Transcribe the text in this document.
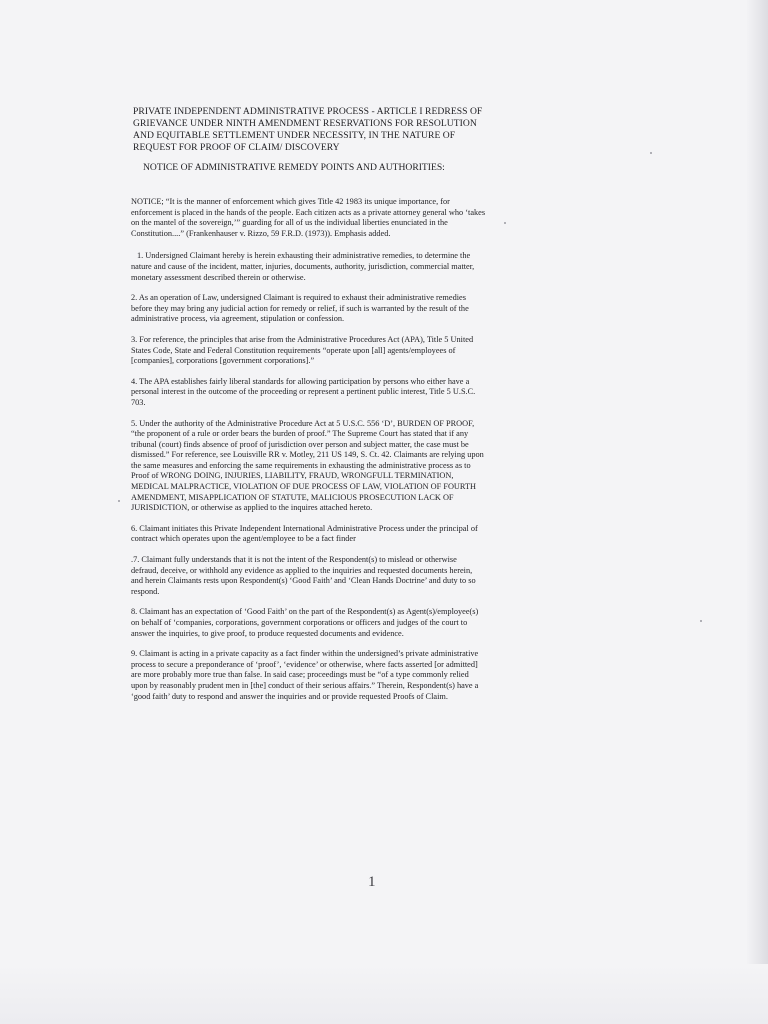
PRIVATE INDEPENDENT ADMINISTRATIVE PROCESS - ARTICLE I REDRESS OF GRIEVANCE UNDER NINTH AMENDMENT RESERVATIONS FOR RESOLUTION AND EQUITABLE SETTLEMENT UNDER NECESSITY, IN THE NATURE OF REQUEST FOR PROOF OF CLAIM/ DISCOVERY
NOTICE OF ADMINISTRATIVE REMEDY POINTS AND AUTHORITIES:

NOTICE; “It is the manner of enforcement which gives Title 42 1983 its unique importance, for enforcement is placed in the hands of the people. Each citizen acts as a private attorney general who ‘takes on the mantel of the sovereign,’” guarding for all of us the individual liberties enunciated in the Constitution....” (Frankenhauser v. Rizzo, 59 F.R.D. (1973)). Emphasis added.

1. Undersigned Claimant hereby is herein exhausting their administrative remedies, to determine the nature and cause of the incident, matter, injuries, documents, authority, jurisdiction, commercial matter, monetary assessment described therein or otherwise.

2. As an operation of Law, undersigned Claimant is required to exhaust their administrative remedies before they may bring any judicial action for remedy or relief, if such is warranted by the result of the administrative process, via agreement, stipulation or confession.

3. For reference, the principles that arise from the Administrative Procedures Act (APA), Title 5 United States Code, State and Federal Constitution requirements “operate upon [all] agents/employees of [companies], corporations [government corporations].”

4. The APA establishes fairly liberal standards for allowing participation by persons who either have a personal interest in the outcome of the proceeding or represent a pertinent public interest, Title 5 U.S.C. 703.

5. Under the authority of the Administrative Procedure Act at 5 U.S.C. 556 ‘D’, BURDEN OF PROOF, “the proponent of a rule or order bears the burden of proof.” The Supreme Court has stated that if any tribunal (court) finds absence of proof of jurisdiction over person and subject matter, the case must be dismissed.” For reference, see Louisville RR v. Motley, 211 US 149, S. Ct. 42. Claimants are relying upon the same measures and enforcing the same requirements in exhausting the administrative process as to Proof of WRONG DOING, INJURIES, LIABILITY, FRAUD, WRONGFULL TERMINATION, MEDICAL MALPRACTICE, VIOLATION OF DUE PROCESS OF LAW, VIOLATION OF FOURTH AMENDMENT, MISAPPLICATION OF STATUTE, MALICIOUS PROSECUTION LACK OF JURISDICTION, or otherwise as applied to the inquires attached hereto.

6. Claimant initiates this Private Independent International Administrative Process under the principal of contract which operates upon the agent/employee to be a fact finder

.7. Claimant fully understands that it is not the intent of the Respondent(s) to mislead or otherwise defraud, deceive, or withhold any evidence as applied to the inquiries and requested documents herein, and herein Claimants rests upon Respondent(s) ‘Good Faith’ and ‘Clean Hands Doctrine’ and duty to so respond.

8. Claimant has an expectation of ‘Good Faith’ on the part of the Respondent(s) as Agent(s)/employee(s) on behalf of ‘companies, corporations, government corporations or officers and judges of the court to answer the inquiries, to give proof, to produce requested documents and evidence.

9. Claimant is acting in a private capacity as a fact finder within the undersigned’s private administrative process to secure a preponderance of ‘proof’, ‘evidence’ or otherwise, where facts asserted [or admitted] are more probably more true than false. In said case; proceedings must be “of a type commonly relied upon by reasonably prudent men in [the] conduct of their serious affairs.” Therein, Respondent(s) have a ‘good faith’ duty to respond and answer the inquiries and or provide requested Proofs of Claim.

1
